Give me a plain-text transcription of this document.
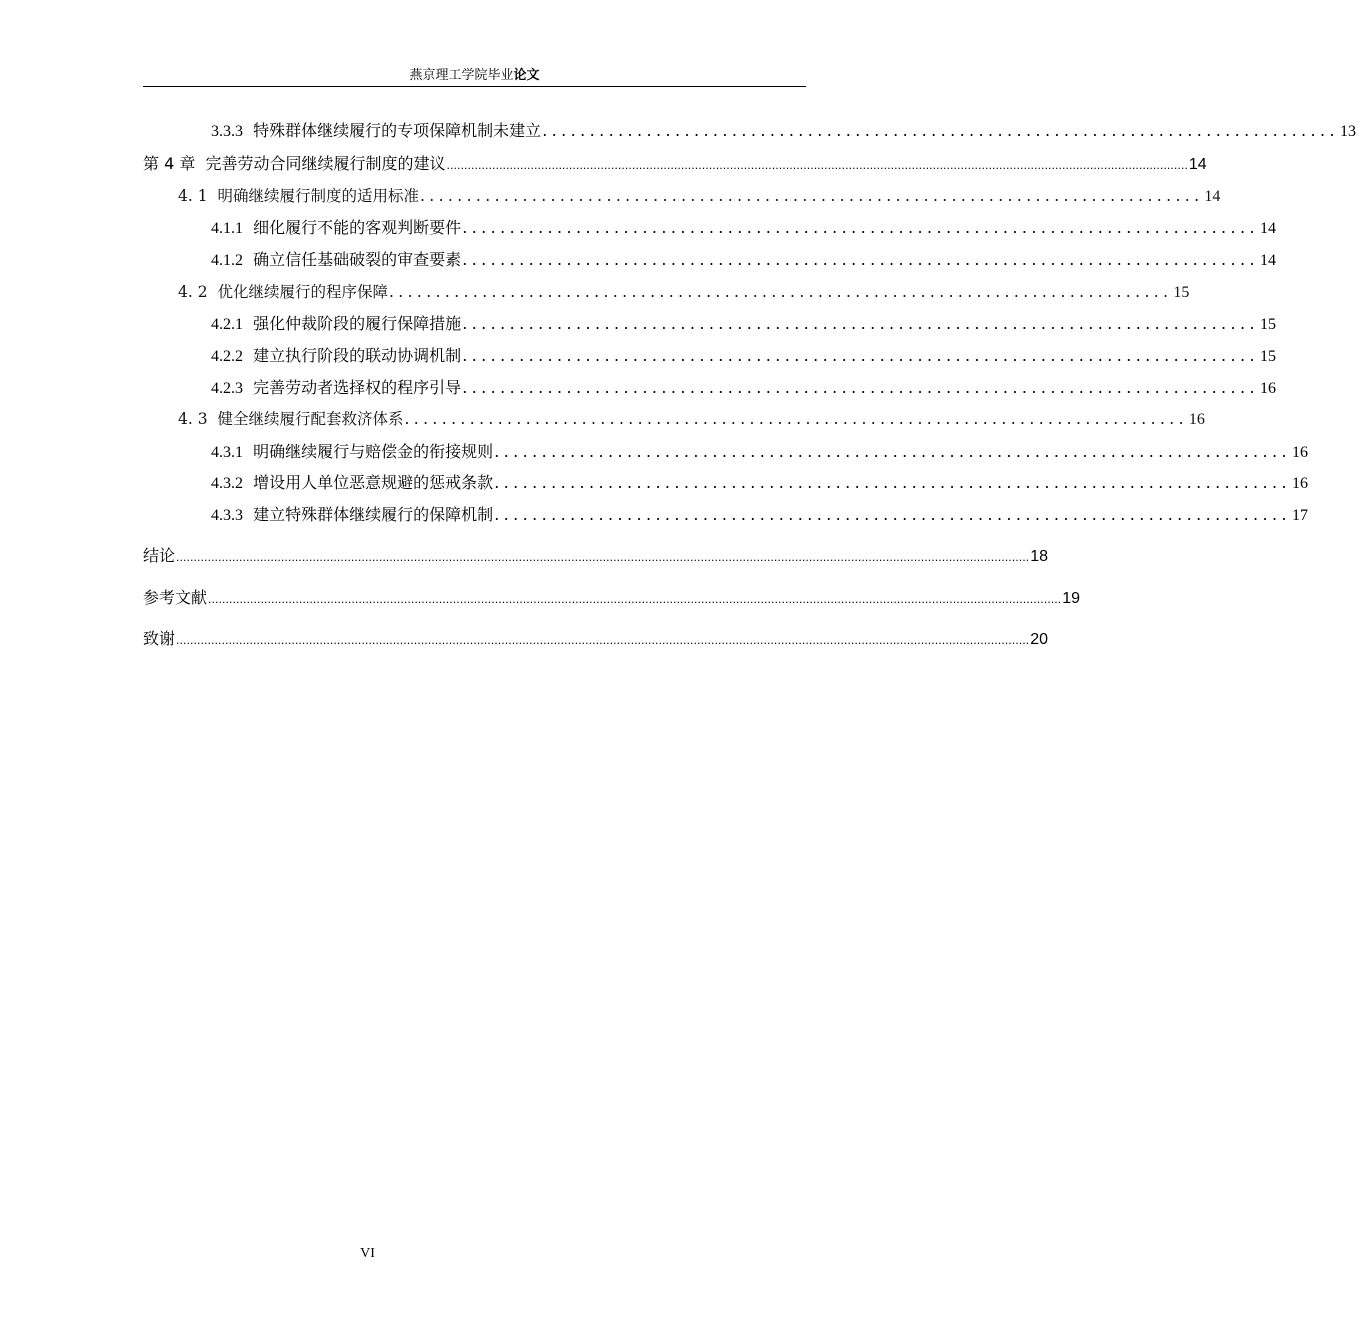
燕京理工学院毕业论文
3.3.3 特殊群体继续履行的专项保障机制未建立 .................................................................................... 13
第 4 章 完善劳动合同继续履行制度的建议 .................................................................................................................................................................................................................... 14
4. 1 明确继续履行制度的适用标准 .................................................................................... 14
4.1.1 细化履行不能的客观判断要件 .................................................................................... 14
4.1.2 确立信任基础破裂的审查要素 .................................................................................... 14
4. 2 优化继续履行的程序保障 .................................................................................... 15
4.2.1 强化仲裁阶段的履行保障措施 .................................................................................... 15
4.2.2 建立执行阶段的联动协调机制 .................................................................................... 15
4.2.3 完善劳动者选择权的程序引导 .................................................................................... 16
4. 3 健全继续履行配套救济体系 .................................................................................... 16
4.3.1 明确继续履行与赔偿金的衔接规则 .................................................................................... 16
4.3.2 增设用人单位恶意规避的惩戒条款 .................................................................................... 16
4.3.3 建立特殊群体继续履行的保障机制 .................................................................................... 17
结论 .................................................................................................................................................................................................................................................... 18
参考文献 .................................................................................................................................................................................................................................................... 19
致谢 .................................................................................................................................................................................................................................................... 20
VI
